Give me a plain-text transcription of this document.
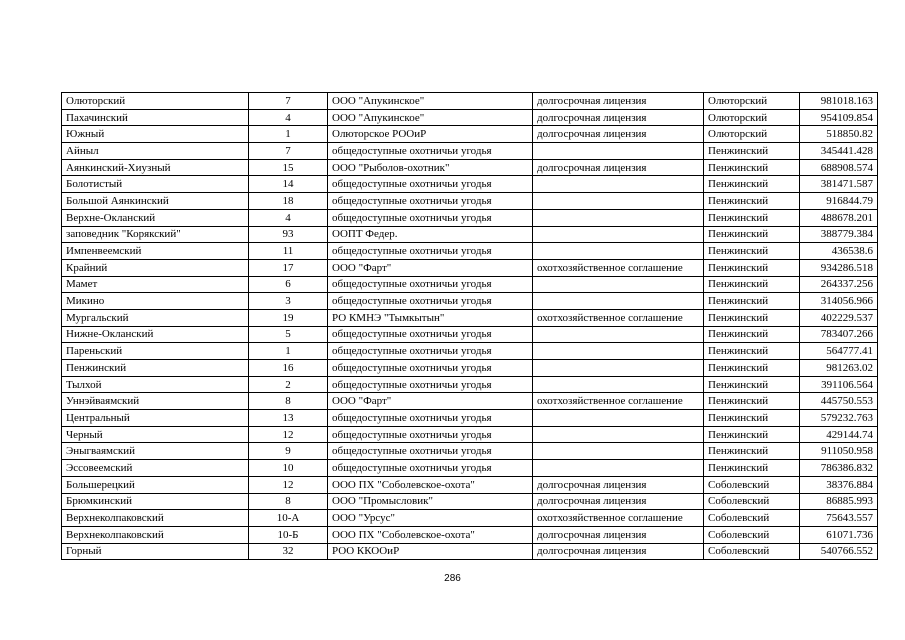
Олюторский	7	ООО "Апукинское"	долгосрочная лицензия	Олюторский	981018.163
Пахачинский	4	ООО "Апукинское"	долгосрочная лицензия	Олюторский	954109.854
Южный	1	Олюторское РООиР	долгосрочная лицензия	Олюторский	518850.82
Айныл	7	общедоступные охотничьи угодья		Пенжинский	345441.428
Аянкинский-Хиузный	15	ООО "Рыболов-охотник"	долгосрочная лицензия	Пенжинский	688908.574
Болотистый	14	общедоступные охотничьи угодья		Пенжинский	381471.587
Большой Аянкинский	18	общедоступные охотничьи угодья		Пенжинский	916844.79
Верхне-Окланский	4	общедоступные охотничьи угодья		Пенжинский	488678.201
заповедник "Корякский"	93	ООПТ Федер.		Пенжинский	388779.384
Импенвеемский	11	общедоступные охотничьи угодья		Пенжинский	436538.6
Крайний	17	ООО "Фарт"	охотхозяйственное соглашение	Пенжинский	934286.518
Мамет	6	общедоступные охотничьи угодья		Пенжинский	264337.256
Микино	3	общедоступные охотничьи угодья		Пенжинский	314056.966
Мургальский	19	РО КМНЭ "Тымкытын"	охотхозяйственное соглашение	Пенжинский	402229.537
Нижне-Окланский	5	общедоступные охотничьи угодья		Пенжинский	783407.266
Пареньский	1	общедоступные охотничьи угодья		Пенжинский	564777.41
Пенжинский	16	общедоступные охотничьи угодья		Пенжинский	981263.02
Тылхой	2	общедоступные охотничьи угодья		Пенжинский	391106.564
Уннэйваямский	8	ООО "Фарт"	охотхозяйственное соглашение	Пенжинский	445750.553
Центральный	13	общедоступные охотничьи угодья		Пенжинский	579232.763
Черный	12	общедоступные охотничьи угодья		Пенжинский	429144.74
Эныгваямский	9	общедоступные охотничьи угодья		Пенжинский	911050.958
Эссовеемский	10	общедоступные охотничьи угодья		Пенжинский	786386.832
Большерецкий	12	ООО ПХ "Соболевское-охота"	долгосрочная лицензия	Соболевский	38376.884
Брюмкинский	8	ООО "Промысловик"	долгосрочная лицензия	Соболевский	86885.993
Верхнеколпаковский	10-А	ООО "Урсус"	охотхозяйственное соглашение	Соболевский	75643.557
Верхнеколпаковский	10-Б	ООО ПХ "Соболевское-охота"	долгосрочная лицензия	Соболевский	61071.736
Горный	32	РОО ККООиР	долгосрочная лицензия	Соболевский	540766.552
286
